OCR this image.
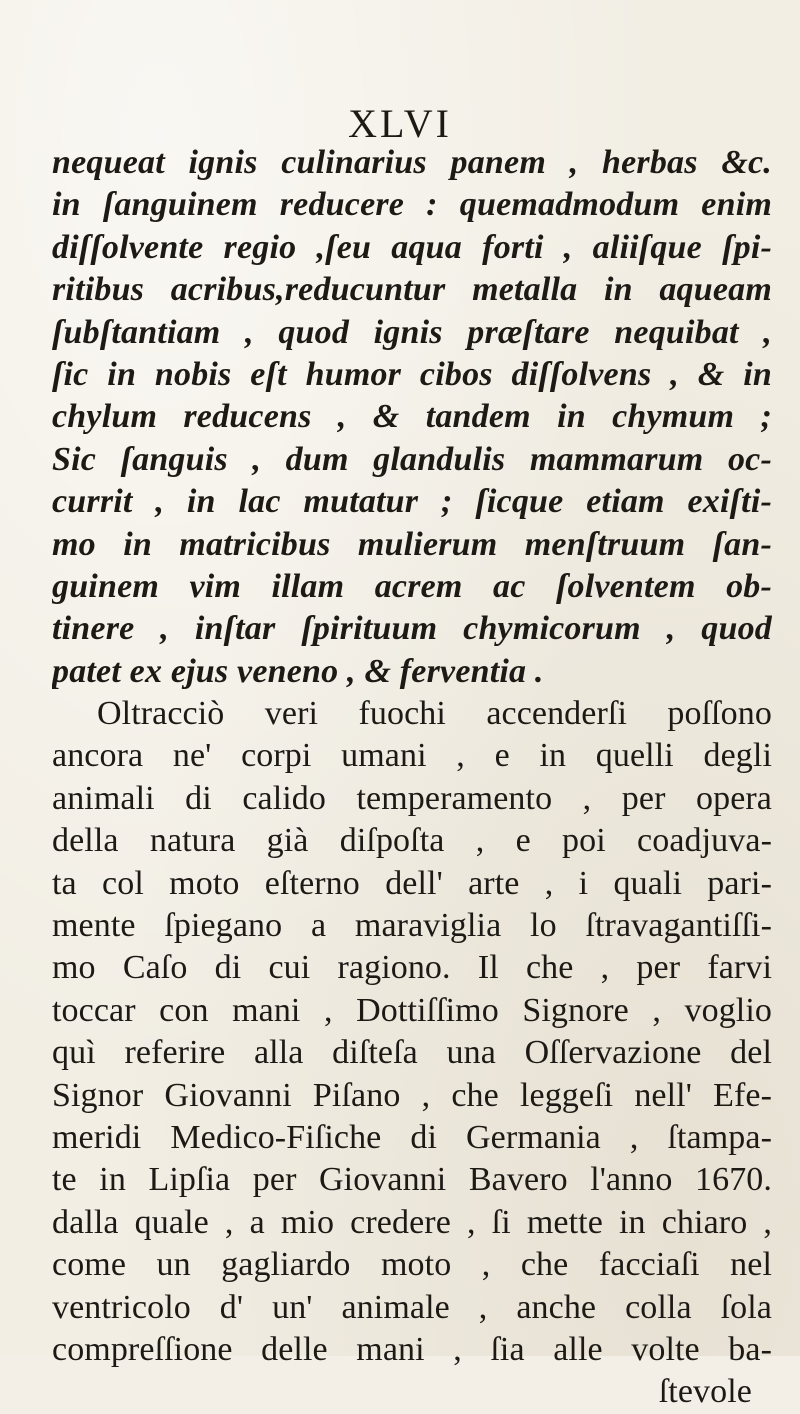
XLVI
nequeat ignis culinarius panem , herbas &c.
in ſanguinem reducere : quemadmodum enim
diſſolvente regio ,ſeu aqua forti , aliiſque ſpi-
ritibus acribus,reducuntur metalla in aqueam
ſubſtantiam , quod ignis præſtare nequibat ,
ſic in nobis eſt humor cibos diſſolvens , & in
chylum reducens , & tandem in chymum ;
Sic ſanguis , dum glandulis mammarum oc-
currit , in lac mutatur ; ſicque etiam exiſti-
mo in matricibus mulierum menſtruum ſan-
guinem vim illam acrem ac ſolventem ob-
tinere , inſtar ſpirituum chymicorum , quod
patet ex ejus veneno , & ferventia .
Oltracciò veri fuochi accenderſi poſſono
ancora ne' corpi umani , e in quelli degli
animali di calido temperamento , per opera
della natura già diſpoſta , e poi coadjuva-
ta col moto eſterno dell' arte , i quali pari-
mente ſpiegano a maraviglia lo ſtravagantiſſi-
mo Caſo di cui ragiono. Il che , per farvi
toccar con mani , Dottiſſimo Signore , voglio
quì referire alla diſteſa una Oſſervazione del
Signor Giovanni Piſano , che leggeſi nell' Efe-
meridi Medico-Fiſiche di Germania , ſtampa-
te in Lipſia per Giovanni Bavero l'anno 1670.
dalla quale , a mio credere , ſi mette in chiaro ,
come un gagliardo moto , che facciaſi nel
ventricolo d' un' animale , anche colla ſola
compreſſione delle mani , ſia alle volte ba-
ſtevole
